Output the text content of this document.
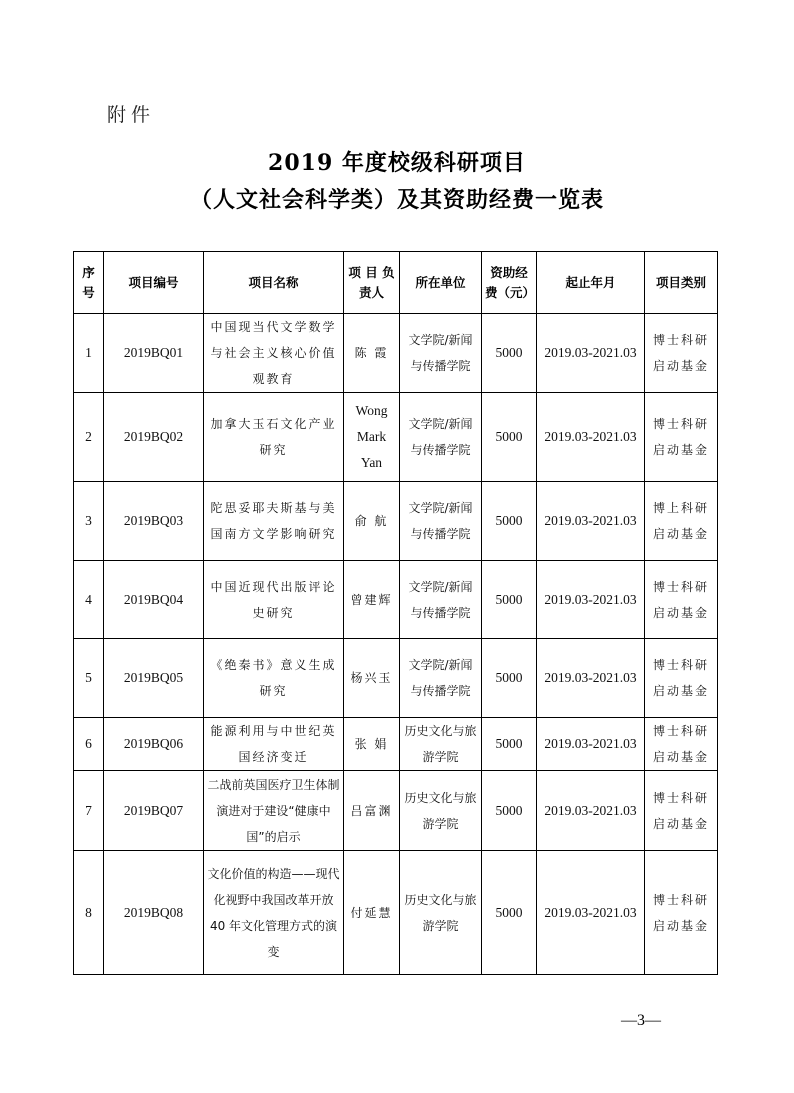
附件
2019 年度校级科研项目
（人文社会科学类）及其资助经费一览表
序号	项目编号	项目名称	项 目 负责人	所在单位	资助经费（元）	起止年月	项目类别
1	2019BQ01	中国现当代文学数学与社会主义核心价值观教育	陈 霞	文学院/新闻与传播学院	5000	2019.03-2021.03	博士科研启动基金
2	2019BQ02	加拿大玉石文化产业研究	Wong Mark Yan	文学院/新闻与传播学院	5000	2019.03-2021.03	博士科研启动基金
3	2019BQ03	陀思妥耶夫斯基与美国南方文学影响研究	俞 航	文学院/新闻与传播学院	5000	2019.03-2021.03	博上科研启动基金
4	2019BQ04	中国近现代出版评论史研究	曾建辉	文学院/新闻与传播学院	5000	2019.03-2021.03	博士科研启动基金
5	2019BQ05	《绝秦书》意义生成研究	杨兴玉	文学院/新闻与传播学院	5000	2019.03-2021.03	博士科研启动基金
6	2019BQ06	能源利用与中世纪英国经济变迁	张 娟	历史文化与旅游学院	5000	2019.03-2021.03	博士科研启动基金
7	2019BQ07	二战前英国医疗卫生体制演进对于建设“健康中国”的启示	吕富渊	历史文化与旅游学院	5000	2019.03-2021.03	博士科研启动基金
8	2019BQ08	文化价值的构造——现代化视野中我国改革开放 40 年文化管理方式的演变	付延慧	历史文化与旅游学院	5000	2019.03-2021.03	博士科研启动基金
—3—
